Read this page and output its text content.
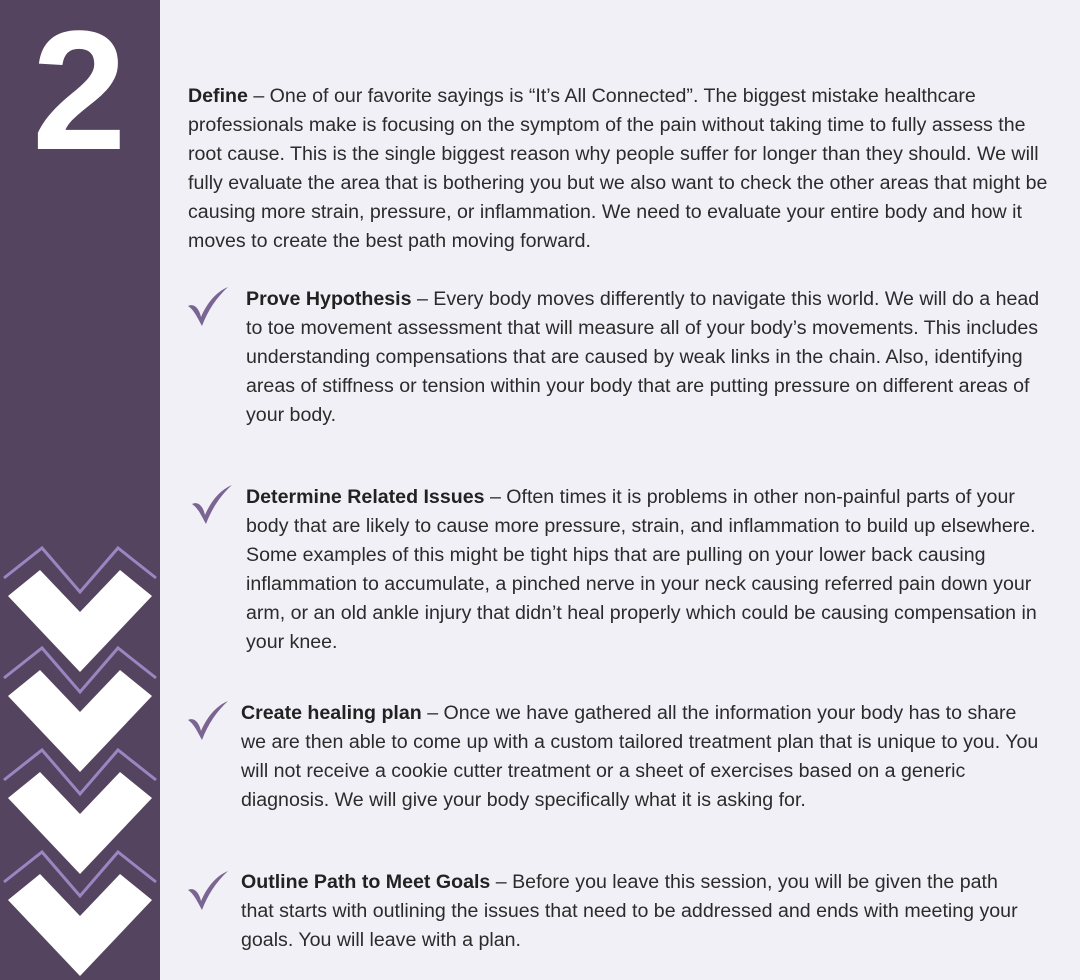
2	Define – One of our favorite sayings is “It’s All Connected”. The biggest mistake healthcare professionals make is focusing on the symptom of the pain without taking time to fully assess the root cause. This is the single biggest reason why people suffer for longer than they should. We will fully evaluate the area that is bothering you but we also want to check the other areas that might be causing more strain, pressure, or inflammation. We need to evaluate your entire body and how it moves to create the best path moving forward.

Prove Hypothesis – Every body moves differently to navigate this world. We will do a head to toe movement assessment that will measure all of your body’s movements. This includes understanding compensations that are caused by weak links in the chain. Also, identifying areas of stiffness or tension within your body that are putting pressure on different areas of your body.

Determine Related Issues – Often times it is problems in other non-painful parts of your body that are likely to cause more pressure, strain, and inflammation to build up elsewhere. Some examples of this might be tight hips that are pulling on your lower back causing inflammation to accumulate, a pinched nerve in your neck causing referred pain down your arm, or an old ankle injury that didn’t heal properly which could be causing compensation in your knee.

Create healing plan – Once we have gathered all the information your body has to share we are then able to come up with a custom tailored treatment plan that is unique to you. You will not receive a cookie cutter treatment or a sheet of exercises based on a generic diagnosis. We will give your body specifically what it is asking for.

Outline Path to Meet Goals – Before you leave this session, you will be given the path that starts with outlining the issues that need to be addressed and ends with meeting your goals. You will leave with a plan.
